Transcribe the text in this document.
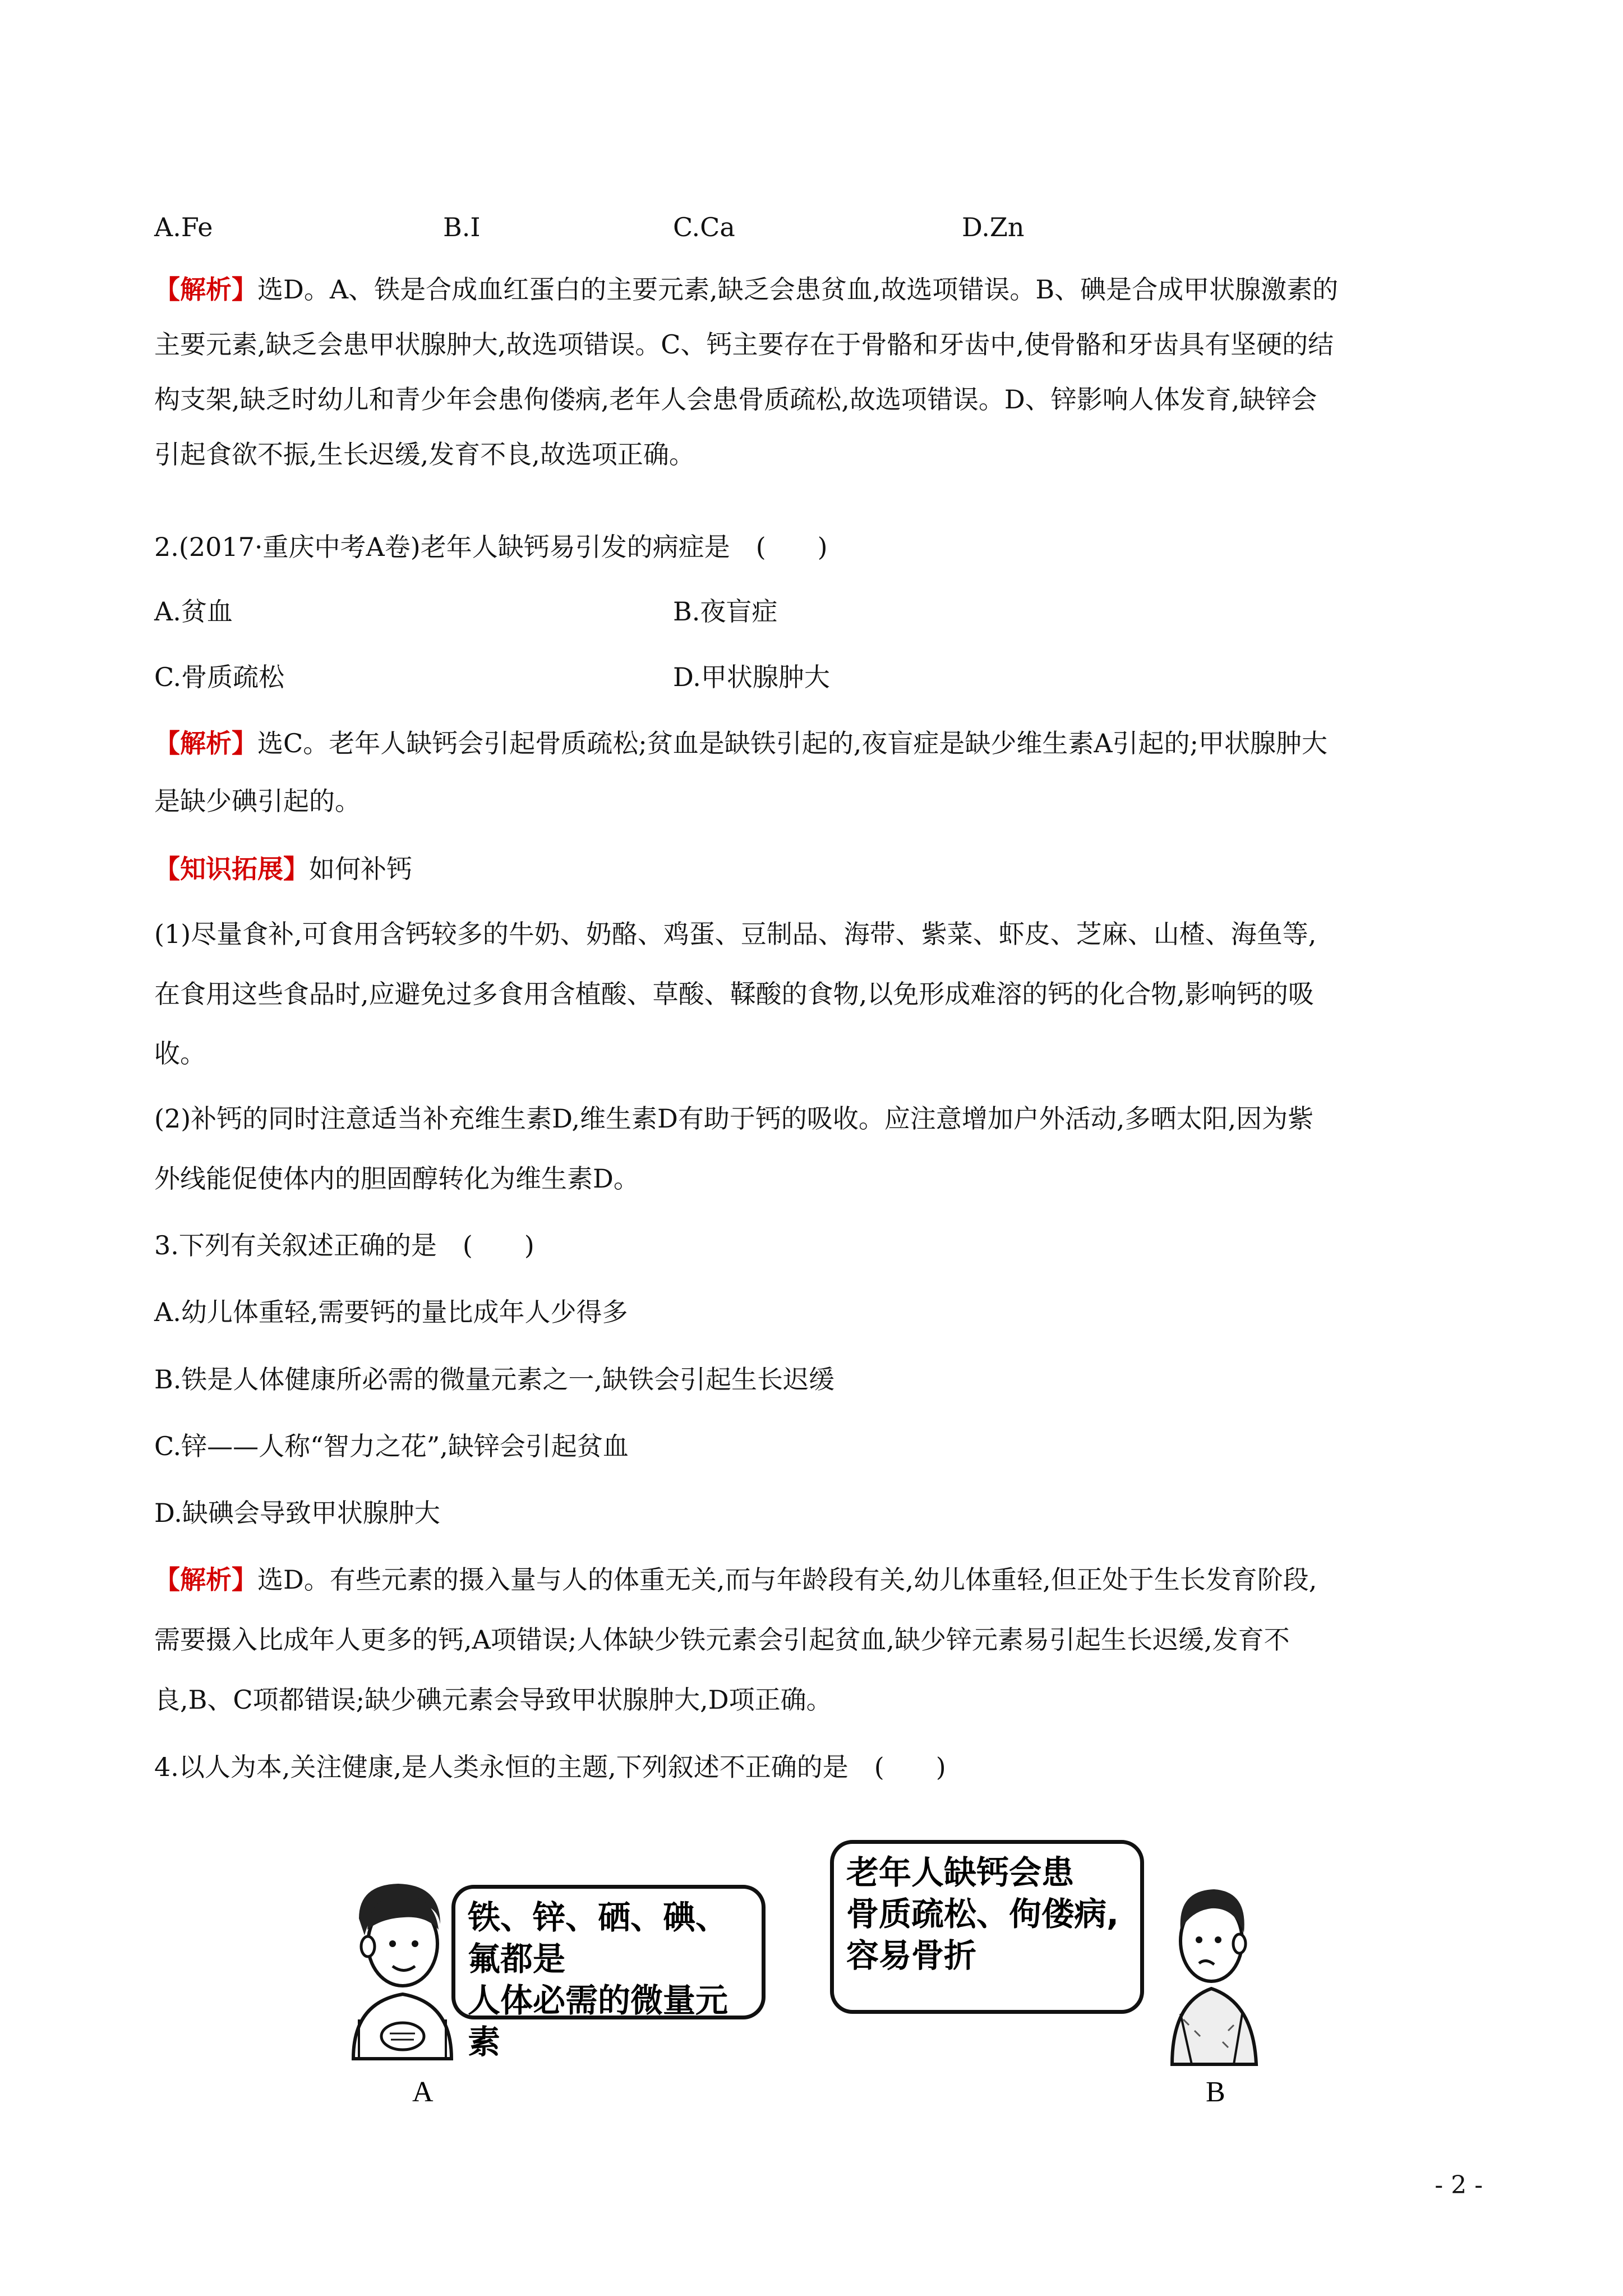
A.Fe	B.I	C.Ca	D.Zn
【解析】选D。A、铁是合成血红蛋白的主要元素,缺乏会患贫血,故选项错误。B、碘是合成甲状腺激素的
主要元素,缺乏会患甲状腺肿大,故选项错误。C、钙主要存在于骨骼和牙齿中,使骨骼和牙齿具有坚硬的结
构支架,缺乏时幼儿和青少年会患佝偻病,老年人会患骨质疏松,故选项错误。D、锌影响人体发育,缺锌会
引起食欲不振,生长迟缓,发育不良,故选项正确。
2.(2017·重庆中考A卷)老年人缺钙易引发的病症是　(　　)
A.贫血	B.夜盲症
C.骨质疏松	D.甲状腺肿大
【解析】选C。老年人缺钙会引起骨质疏松;贫血是缺铁引起的,夜盲症是缺少维生素A引起的;甲状腺肿大
是缺少碘引起的。
【知识拓展】如何补钙
(1)尽量食补,可食用含钙较多的牛奶、奶酪、鸡蛋、豆制品、海带、紫菜、虾皮、芝麻、山楂、海鱼等,
在食用这些食品时,应避免过多食用含植酸、草酸、鞣酸的食物,以免形成难溶的钙的化合物,影响钙的吸
收。
(2)补钙的同时注意适当补充维生素D,维生素D有助于钙的吸收。应注意增加户外活动,多晒太阳,因为紫
外线能促使体内的胆固醇转化为维生素D。
3.下列有关叙述正确的是　(　　)
A.幼儿体重轻,需要钙的量比成年人少得多
B.铁是人体健康所必需的微量元素之一,缺铁会引起生长迟缓
C.锌——人称“智力之花”,缺锌会引起贫血
D.缺碘会导致甲状腺肿大
【解析】选D。有些元素的摄入量与人的体重无关,而与年龄段有关,幼儿体重轻,但正处于生长发育阶段,
需要摄入比成年人更多的钙,A项错误;人体缺少铁元素会引起贫血,缺少锌元素易引起生长迟缓,发育不
良,B、C项都错误;缺少碘元素会导致甲状腺肿大,D项正确。
4.以人为本,关注健康,是人类永恒的主题,下列叙述不正确的是　(　　)
铁、锌、硒、碘、氟都是
人体必需的微量元素
老年人缺钙会患
骨质疏松、佝偻病,
容易骨折
A	B
- 2 -
